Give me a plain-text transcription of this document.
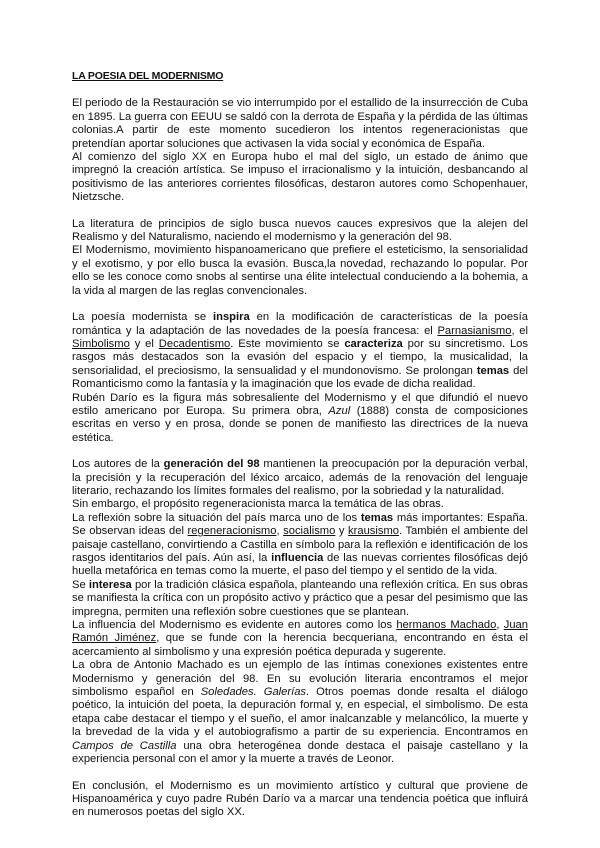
LA POESIA DEL MODERNISMO

El periodo de la Restauración se vio interrumpido por el estallido de la insurrección de Cuba en 1895. La guerra con EEUU se saldó con la derrota de España y la pérdida de las últimas colonias.A partir de este momento sucedieron los intentos regeneracionistas que pretendían aportar soluciones que activasen la vida social y económica de España.

Al comienzo del siglo XX en Europa hubo el mal del siglo, un estado de ánimo que impregnó la creación artística. Se impuso el irracionalismo y la intuición, desbancando al positivismo de las anteriores corrientes filosóficas, destaron autores como Schopenhauer, Nietzsche.

La literatura de principios de siglo busca nuevos cauces expresivos que la alejen del Realismo y del Naturalismo, naciendo el modernismo y la generación del 98.

El Modernismo, movimiento hispanoamericano que prefiere el esteticismo, la sensorialidad y el exotismo, y por ello busca la evasión. Busca,la novedad, rechazando lo popular. Por ello se les conoce como snobs al sentirse una élite intelectual conduciendo a la bohemia, a la vida al margen de las reglas convencionales.

La poesía modernista se inspira en la modificación de características de la poesía romántica y la adaptación de las novedades de la poesía francesa: el Parnasianismo, el Simbolismo y el Decadentismo. Este movimiento se caracteriza por su sincretismo. Los rasgos más destacados son la evasión del espacio y el tiempo, la musicalidad, la sensorialidad, el preciosismo, la sensualidad y el mundonovismo. Se prolongan temas del Romanticismo como la fantasía y la imaginación que los evade de dicha realidad.

Rubén Darío es la figura más sobresaliente del Modernismo y el que difundió el nuevo estilo americano por Europa. Su primera obra, Azul (1888) consta de composiciones escritas en verso y en prosa, donde se ponen de manifiesto las directrices de la nueva estética.

Los autores de la generación del 98 mantienen la preocupación por la depuración verbal, la precisión y la recuperación del léxico arcaico, además de la renovación del lenguaje literario, rechazando los límites formales del realismo, por la sobriedad y la naturalidad.

Sin embargo, el propósito regeneracionista marca la temática de las obras.

La reflexión sobre la situación del país marca uno de los temas más importantes: España. Se observan ideas del regeneracionismo, socialismo y krausismo. También el ambiente del paisaje castellano, convirtiendo a Castilla en símbolo para la reflexión e identificación de los rasgos identitarios del país. Aún así, la influencia de las nuevas corrientes filosóficas dejó huella metafórica en temas como la muerte, el paso del tiempo y el sentido de la vida.

Se interesa por la tradición clásica española, planteando una reflexión crítica. En sus obras se manifiesta la crítica con un propósito activo y práctico que a pesar del pesimismo que las impregna, permiten una reflexión sobre cuestiones que se plantean.

La influencia del Modernismo es evidente en autores como los hermanos Machado, Juan Ramón Jiménez, que se funde con la herencia becqueriana, encontrando en ésta el acercamiento al simbolismo y una expresión poética depurada y sugerente.

La obra de Antonio Machado es un ejemplo de las íntimas conexiones existentes entre Modernismo y generación del 98. En su evolución literaria encontramos el mejor simbolismo español en Soledades. Galerías. Otros poemas donde resalta el diálogo poético, la intuición del poeta, la depuración formal y, en especial, el simbolismo. De esta etapa cabe destacar el tiempo y el sueño, el amor inalcanzable y melancólico, la muerte y la brevedad de la vida y el autobiografismo a partir de su experiencia. Encontramos en Campos de Castilla una obra heterogénea donde destaca el paisaje castellano y la experiencia personal con el amor y la muerte a través de Leonor.

En conclusión, el Modernismo es un movimiento artístico y cultural que proviene de Hispanoamérica y cuyo padre Rubén Darío va a marcar una tendencia poética que influirá en numerosos poetas del siglo XX.
